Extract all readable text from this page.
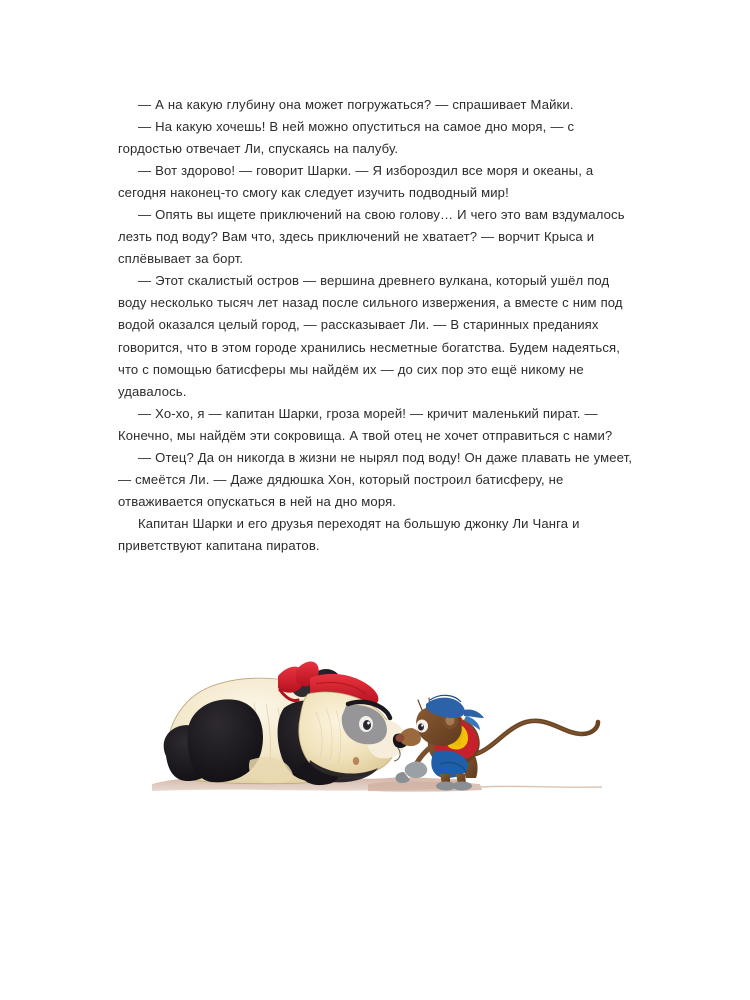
— А на какую глубину она может погружаться? — спрашивает Майки.

— На какую хочешь! В ней можно опуститься на самое дно моря, — с гордостью отвечает Ли, спускаясь на палубу.

— Вот здорово! — говорит Шарки. — Я избороздил все моря и океаны, а сегодня наконец-то смогу как следует изучить подводный мир!

— Опять вы ищете приключений на свою голову… И чего это вам вздумалось лезть под воду? Вам что, здесь приключений не хватает? — ворчит Крыса и сплёвывает за борт.

— Этот скалистый остров — вершина древнего вулкана, который ушёл под воду несколько тысяч лет назад после сильного извержения, а вместе с ним под водой оказался целый город, — рассказывает Ли. — В старинных преданиях говорится, что в этом городе хранились несметные богатства. Будем надеяться, что с помощью батисферы мы найдём их — до сих пор это ещё никому не удавалось.

— Хо-хо, я — капитан Шарки, гроза морей! — кричит маленький пират. — Конечно, мы найдём эти сокровища. А твой отец не хочет отправиться с нами?

— Отец? Да он никогда в жизни не нырял под воду! Он даже плавать не умеет, — смеётся Ли. — Даже дядюшка Хон, который построил батисферу, не отваживается опускаться в ней на дно моря.

Капитан Шарки и его друзья переходят на большую джонку Ли Чанга и приветствуют капитана пиратов.
